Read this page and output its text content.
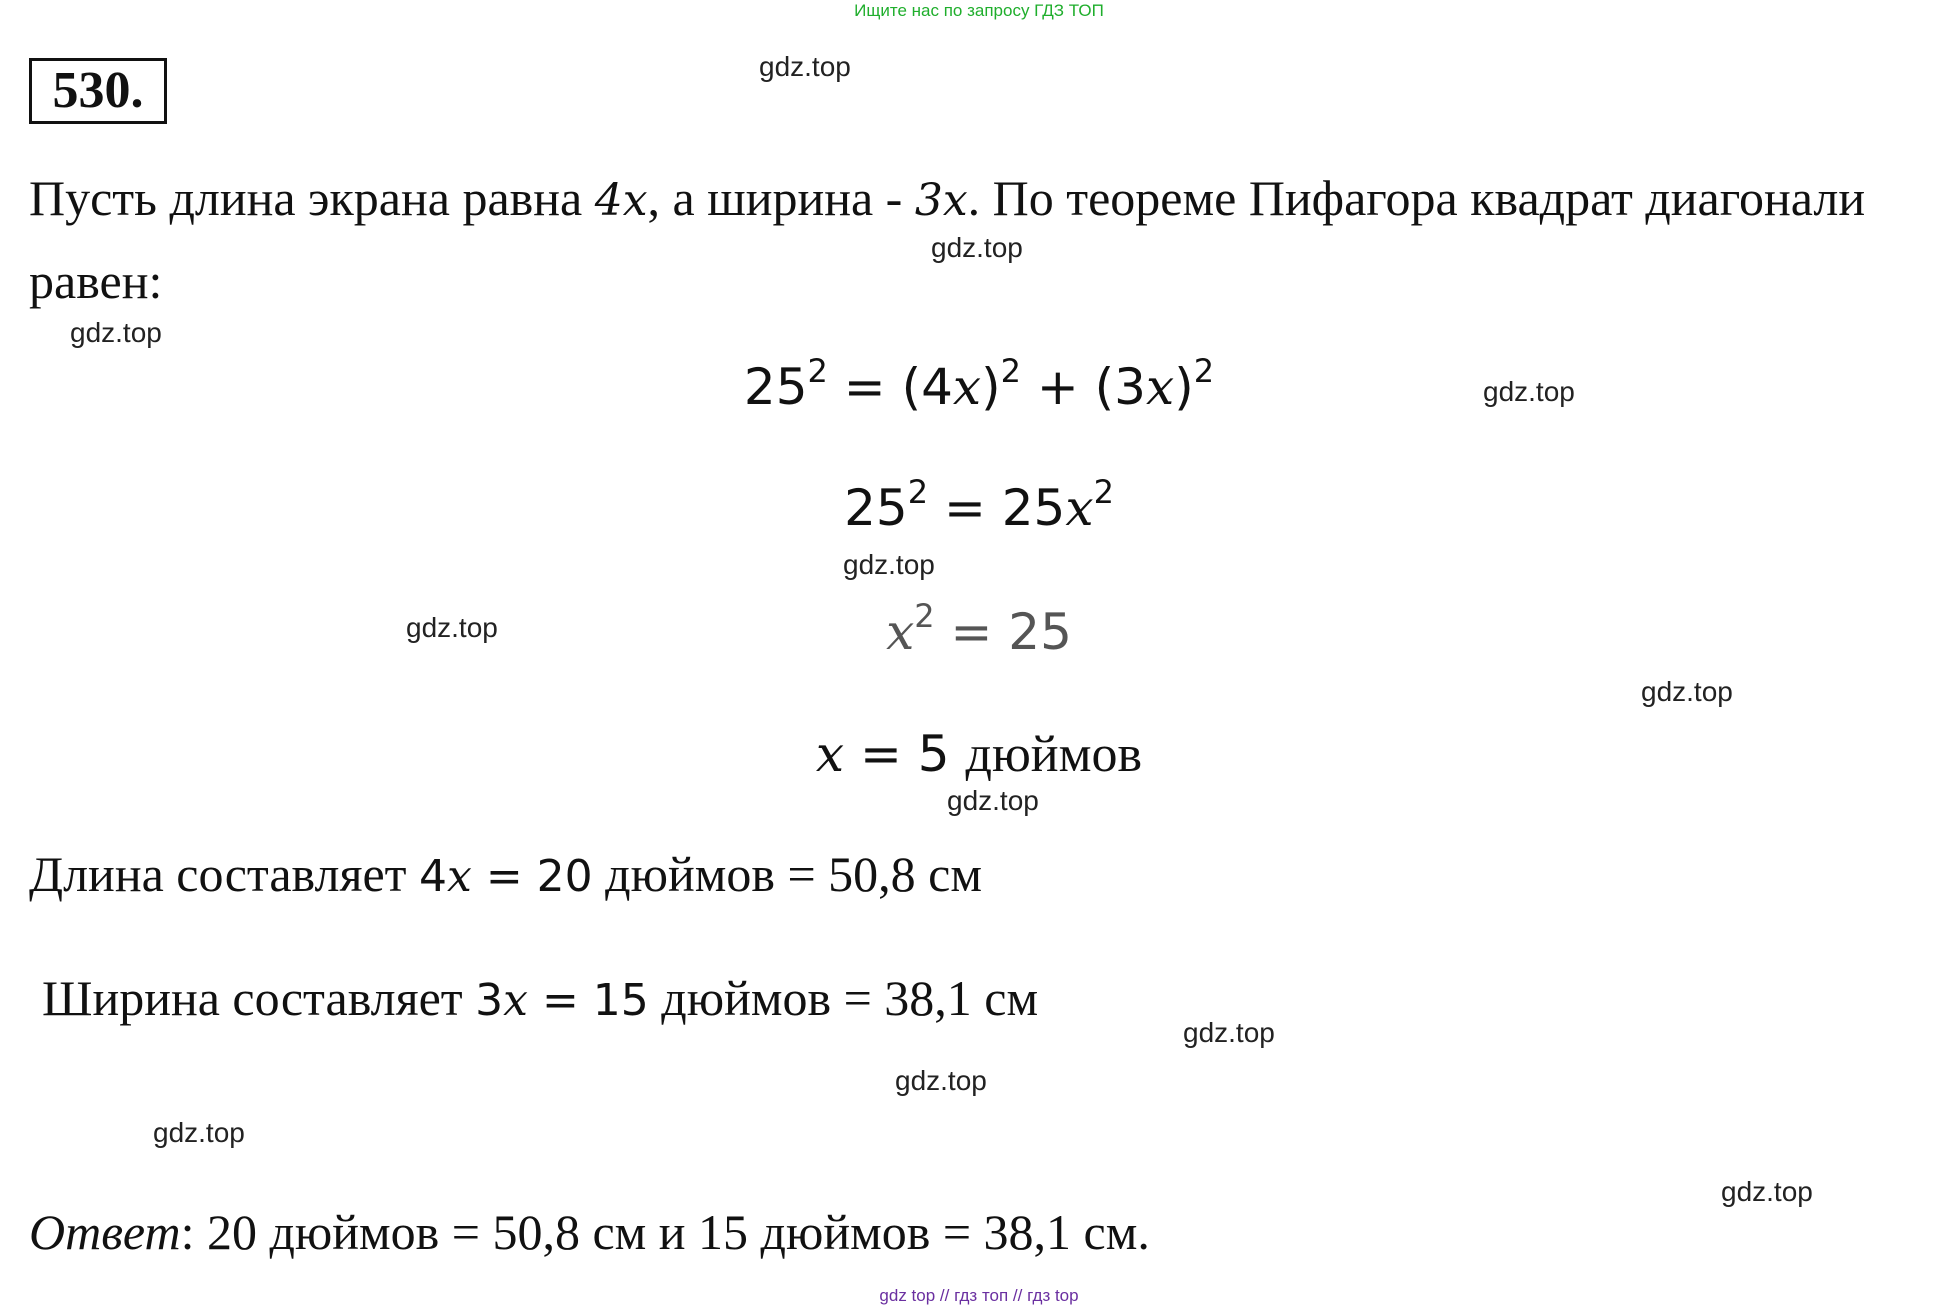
Ищите нас по запросу ГДЗ ТОП
530.
Пусть длина экрана равна 4x, а ширина - 3x. По теореме Пифагора квадрат диагонали равен:
$25^2 = (4x)^2 + (3x)^2$
$25^2 = 25x^2$
$x^2 = 25$
x = 5 дюймов
Длина составляет 4x = 20 дюймов = 50,8 см
Ширина составляет 3x = 15 дюймов = 38,1 см
Ответ: 20 дюймов = 50,8 см и 15 дюймов = 38,1 см.
gdz.top
gdz.top
gdz.top
gdz.top
gdz.top
gdz.top
gdz.top
gdz.top
gdz.top
gdz.top
gdz.top
gdz.top
gdz top // гдз топ // гдз top
